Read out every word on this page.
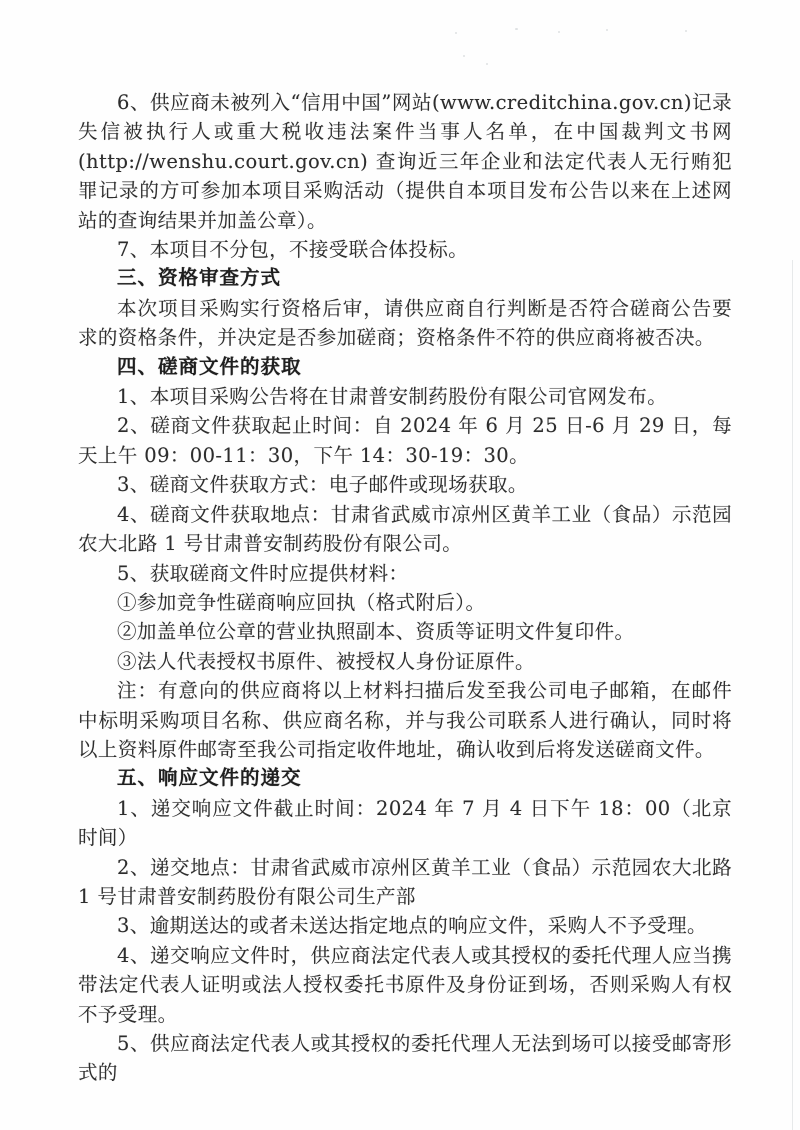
6、供应商未被列入“信用中国”网站(www.creditchina.gov.cn)记录失信被执行人或重大税收违法案件当事人名单，在中国裁判文书网(http://wenshu.court.gov.cn) 查询近三年企业和法定代表人无行贿犯罪记录的方可参加本项目采购活动（提供自本项目发布公告以来在上述网站的查询结果并加盖公章）。

7、本项目不分包，不接受联合体投标。

三、资格审查方式

本次项目采购实行资格后审，请供应商自行判断是否符合磋商公告要求的资格条件，并决定是否参加磋商；资格条件不符的供应商将被否决。

四、磋商文件的获取

1、本项目采购公告将在甘肃普安制药股份有限公司官网发布。

2、磋商文件获取起止时间：自 2024 年 6 月 25 日-6 月 29 日，每天上午 09：00-11：30，下午 14：30-19：30。

3、磋商文件获取方式：电子邮件或现场获取。

4、磋商文件获取地点：甘肃省武威市凉州区黄羊工业（食品）示范园农大北路 1 号甘肃普安制药股份有限公司。

5、获取磋商文件时应提供材料：

①参加竞争性磋商响应回执（格式附后）。

②加盖单位公章的营业执照副本、资质等证明文件复印件。

③法人代表授权书原件、被授权人身份证原件。

注：有意向的供应商将以上材料扫描后发至我公司电子邮箱，在邮件中标明采购项目名称、供应商名称，并与我公司联系人进行确认，同时将以上资料原件邮寄至我公司指定收件地址，确认收到后将发送磋商文件。

五、响应文件的递交

1、递交响应文件截止时间：2024 年 7 月 4 日下午 18：00（北京时间）

2、递交地点：甘肃省武威市凉州区黄羊工业（食品）示范园农大北路 1 号甘肃普安制药股份有限公司生产部

3、逾期送达的或者未送达指定地点的响应文件，采购人不予受理。

4、递交响应文件时，供应商法定代表人或其授权的委托代理人应当携带法定代表人证明或法人授权委托书原件及身份证到场，否则采购人有权不予受理。

5、供应商法定代表人或其授权的委托代理人无法到场可以接受邮寄形式的
